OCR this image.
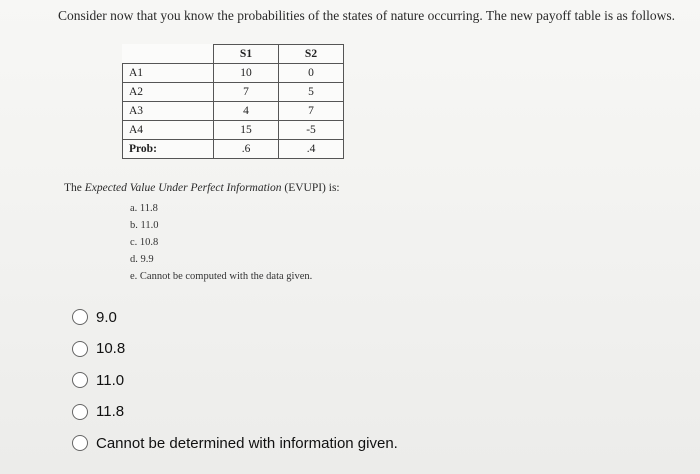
Consider now that you know the probabilities of the states of nature occurring. The new payoff table is as follows.
	S1	S2
A1	10	0
A2	7	5
A3	4	7
A4	15	-5
Prob:	.6	.4
The Expected Value Under Perfect Information (EVUPI) is:
a. 11.8
b. 11.0
c. 10.8
d. 9.9
e. Cannot be computed with the data given.
9.0
10.8
11.0
11.8
Cannot be determined with information given.
